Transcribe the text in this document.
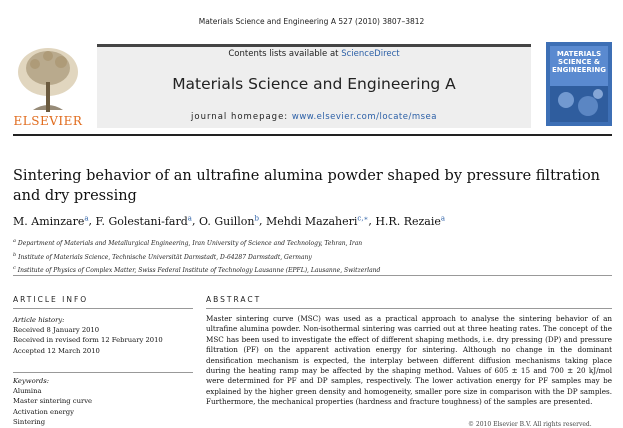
Materials Science and Engineering A 527 (2010) 3807–3812
ELSEVIER
Contents lists available at ScienceDirect
Materials Science and Engineering A
journal homepage: www.elsevier.com/locate/msea
MATERIALS
SCIENCE &
ENGINEERING
Sintering behavior of an ultrafine alumina powder shaped by pressure filtration and dry pressing
M. Aminzare$^a$, F. Golestani-fard$^a$, O. Guillon$^b$, Mehdi Mazaheri$^{c,∗}$, H.R. Rezaie$^a$
$^a$ Department of Materials and Metallurgical Engineering, Iran University of Science and Technology, Tehran, Iran
$^b$ Institute of Materials Science, Technische Universität Darmstadt, D-64287 Darmstadt, Germany
$^c$ Institute of Physics of Complex Matter, Swiss Federal Institute of Technology Lausanne (EPFL), Lausanne, Switzerland
ARTICLE INFO	ABSTRACT
Article history:
Received 8 January 2010
Received in revised form 12 February 2010
Accepted 12 March 2010
Keywords:
Alumina
Master sintering curve
Activation energy
Sintering
Master sintering curve (MSC) was used as a practical approach to analyse the sintering behavior of an ultrafine alumina powder. Non-isothermal sintering was carried out at three heating rates. The concept of the MSC has been used to investigate the effect of different shaping methods, i.e. dry pressing (DP) and pressure filtration (PF) on the apparent activation energy for sintering. Although no change in the dominant densification mechanism is expected, the interplay between different diffusion mechanisms taking place during the heating ramp may be affected by the shaping method. Values of 605 ± 15 and 700 ± 20 kJ/mol were determined for PF and DP samples, respectively. The lower activation energy for PF samples may be explained by the higher green density and homogeneity, smaller pore size in comparison with the DP samples. Furthermore, the mechanical properties (hardness and fracture toughness) of the samples are presented.
© 2010 Elsevier B.V. All rights reserved.
